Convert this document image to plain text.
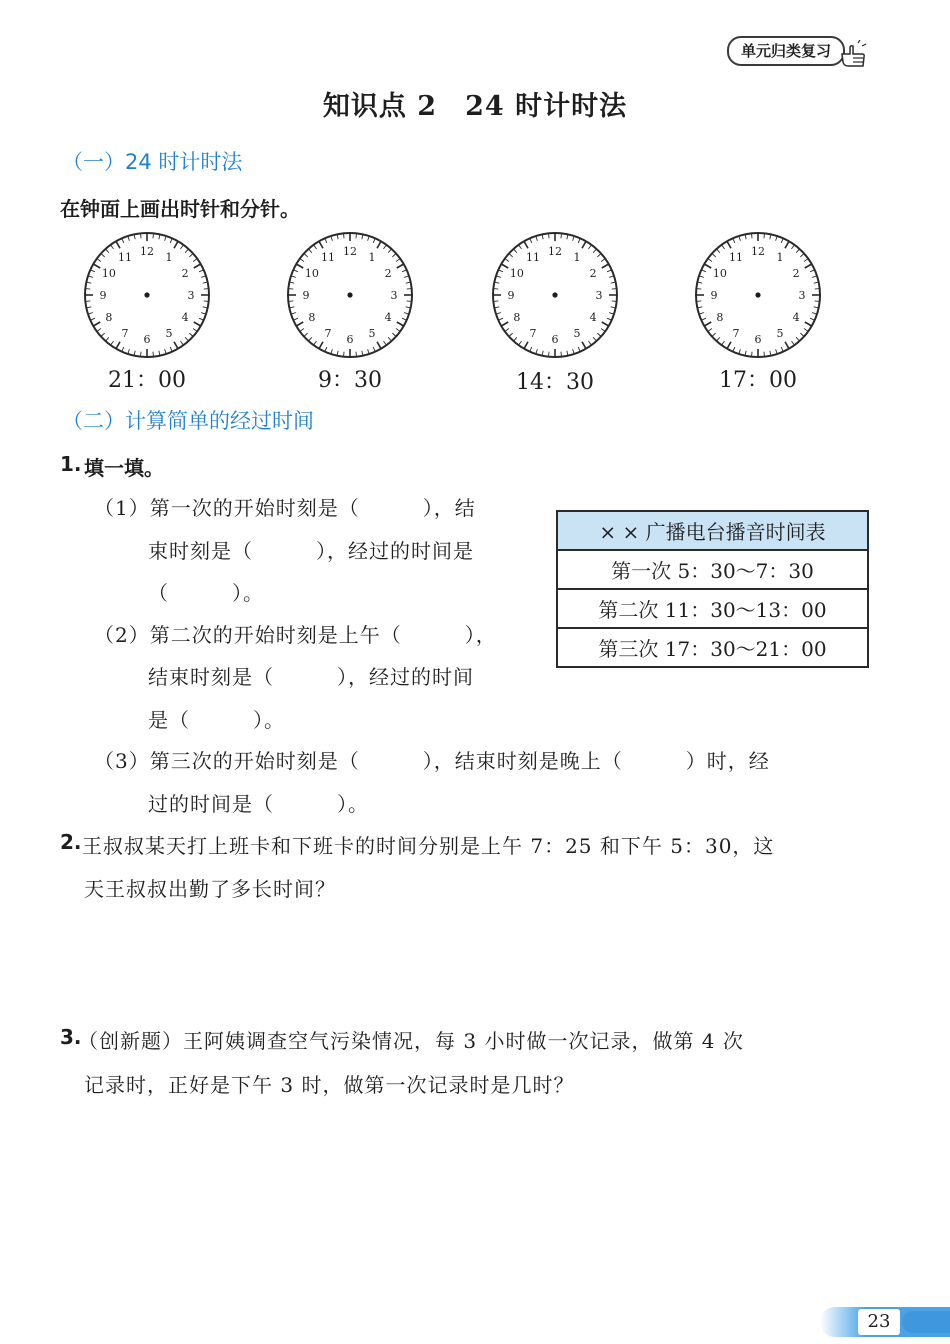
单元归类复习
知识点 2　24 时计时法
（一）24 时计时法
在钟面上画出时针和分针。
12 1
2
3
4
5
6
7
8
9
10
11
21：00
12 1
2
3
4
5
6
7
8
9
10
11
9：30
12 1
2
3
4
5
6
7
8
9
10
11
14：30
12 1
2
3
4
5
6
7
8
9
10
11
17：00
（二）计算简单的经过时间
1. 填一填。
（1）第一次的开始时刻是（　　　），结
束时刻是（　　　），经过的时间是
（　　　）。
（2）第二次的开始时刻是上午（　　　），
结束时刻是（　　　），经过的时间
是（　　　）。
（3）第三次的开始时刻是（　　　），结束时刻是晚上（　　　）时，经
过的时间是（　　　）。
× × 广播电台播音时间表
第一次 5：30～7：30
第二次 11：30～13：00
第三次 17：30～21：00
2. 王叔叔某天打上班卡和下班卡的时间分别是上午 7：25 和下午 5：30，这
天王叔叔出勤了多长时间？
3.
（创新题）王阿姨调查空气污染情况，每 3 小时做一次记录，做第 4 次
记录时，正好是下午 3 时，做第一次记录时是几时？
23
